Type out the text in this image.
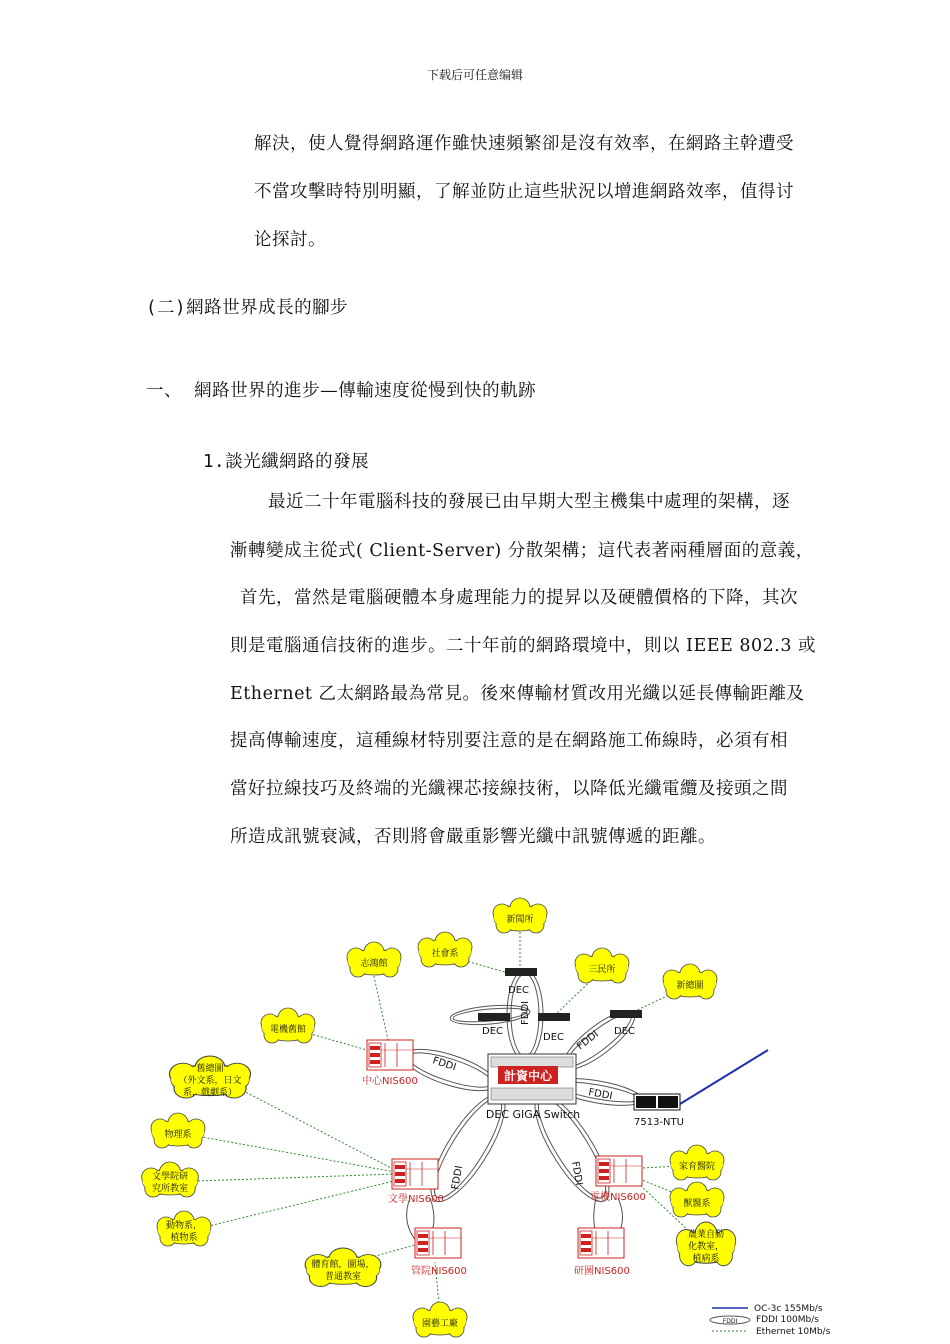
下载后可任意编辑
解決，使人覺得網路運作雖快速頻繁卻是沒有效率，在網路主幹遭受
不當攻擊時特別明顯，了解並防止這些狀況以增進網路效率，值得讨
论探討。
(二)網路世界成長的腳步
一、  網路世界的進步—傳輸速度從慢到快的軌跡
1.談光纖網路的發展
最近二十年電腦科技的發展已由早期大型主機集中處理的架構，逐
漸轉變成主從式( Client-Server) 分散架構；這代表著兩種層面的意義，
首先，當然是電腦硬體本身處理能力的提昇以及硬體價格的下降，其次
則是電腦通信技術的進步。二十年前的網路環境中，則以 IEEE 802.3 或
Ethernet 乙太網路最為常見。後來傳輸材質改用光纖以延長傳輸距離及
提高傳輸速度，這種線材特別要注意的是在網路施工佈線時，必須有相
當好拉線技巧及終端的光纖裸芯接線技術，以降低光纖電纜及接頭之間
所造成訊號衰減，否則將會嚴重影響光纖中訊號傳遞的距離。
新聞所
社會系
志鴻館
三民所
新總圖
電機舊館
舊總圖
（外文系，日文
系，戲劇系）
物理系
文學院研
究所教室
動物系，
植物系
體育館，圖場，
普通教室
園藝工廠
家育醫院
獸醫系
農業自動
化教室，
植病系
計資中心
DEC GIGA Switch
中心NIS600
文學NIS600	電機NIS600
管院NIS600	研圖NIS600
7513-NTU
DEC
DEC
DEC
DEC
FDDI
FDDI
FDDI
FDDI
FDDI	FDDI
FDDI
OC-3c 155Mb/s
FDDI 100Mb/s
Ethernet 10Mb/s
